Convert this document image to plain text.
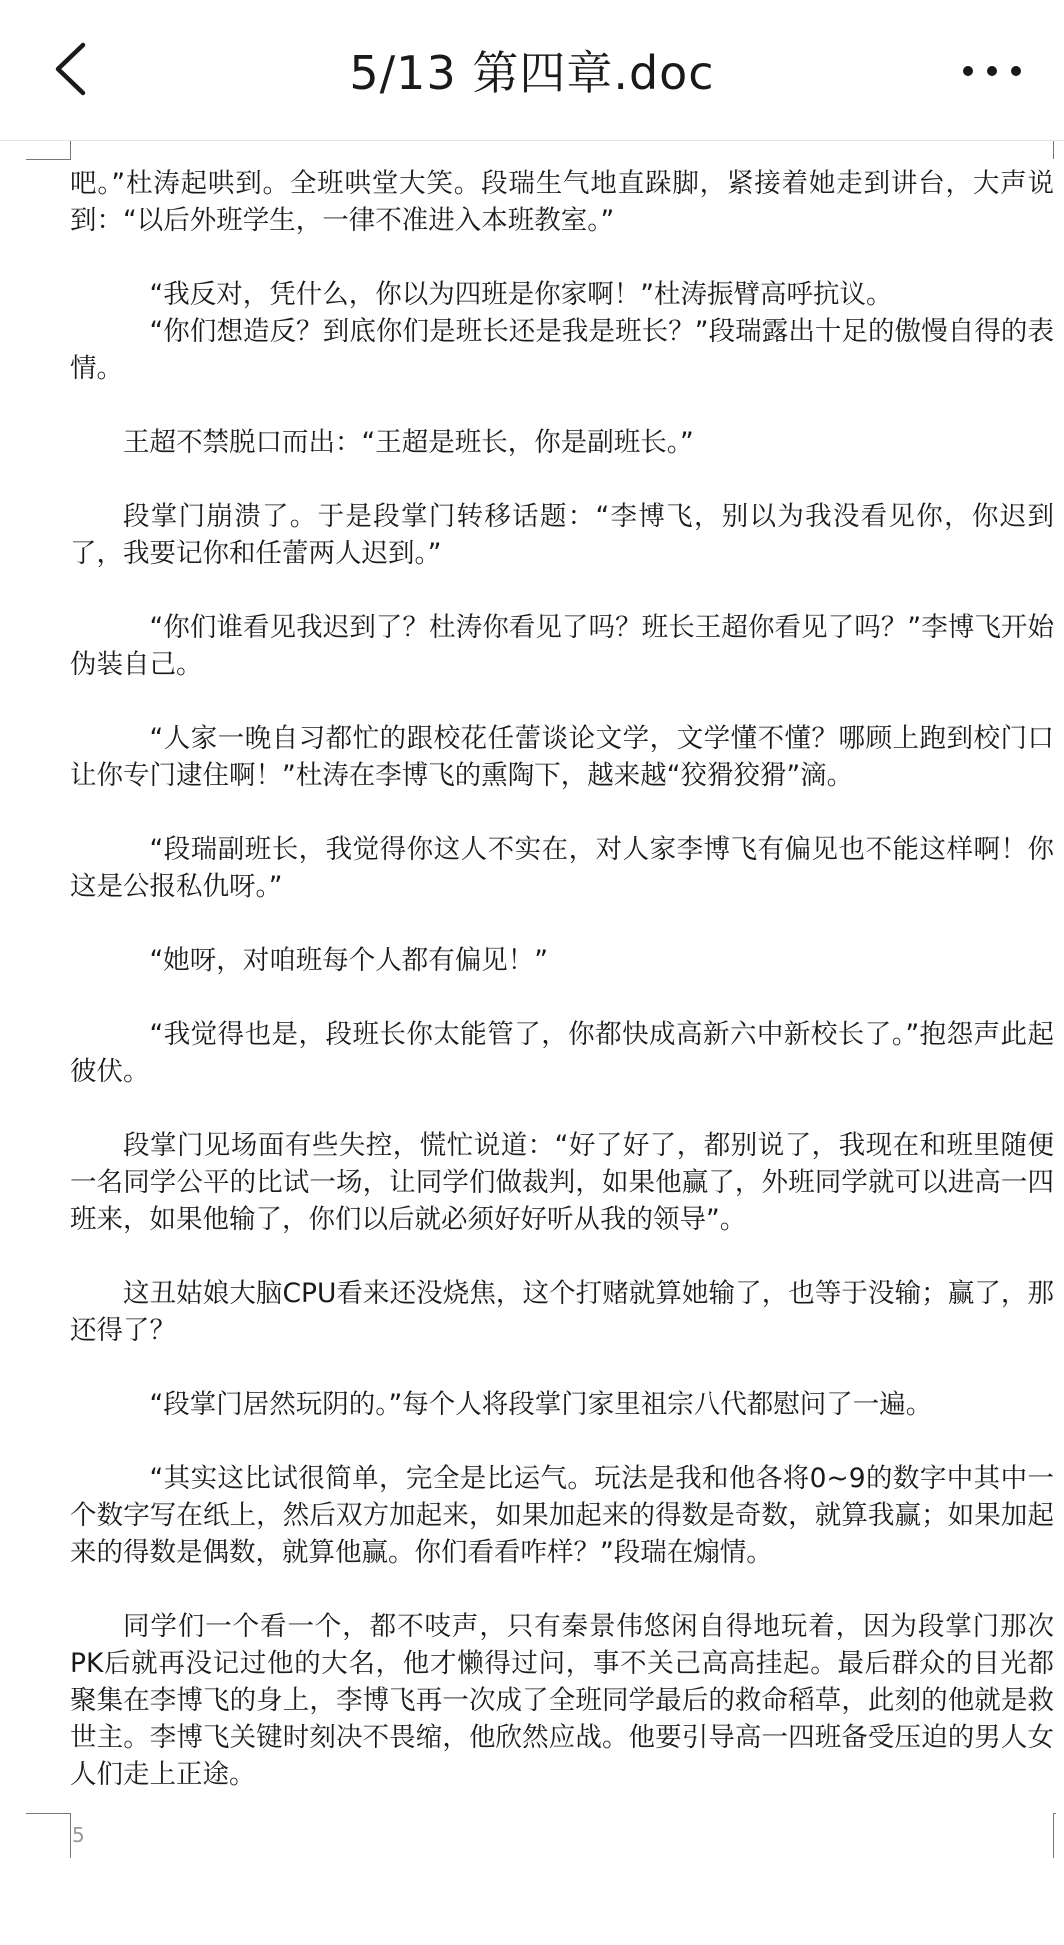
5/13 第四章.doc

吧。”杜涛起哄到。全班哄堂大笑。段瑞生气地直跺脚，紧接着她走到讲台，大声说到：“以后外班学生，一律不准进入本班教室。”

“我反对，凭什么，你以为四班是你家啊！”杜涛振臂高呼抗议。

“你们想造反？到底你们是班长还是我是班长？”段瑞露出十足的傲慢自得的表情。

王超不禁脱口而出：“王超是班长，你是副班长。”

段掌门崩溃了。于是段掌门转移话题：“李博飞，别以为我没看见你，你迟到了，我要记你和任蕾两人迟到。”

“你们谁看见我迟到了？杜涛你看见了吗？班长王超你看见了吗？”李博飞开始伪装自己。

“人家一晚自习都忙的跟校花任蕾谈论文学，文学懂不懂？哪顾上跑到校门口让你专门逮住啊！”杜涛在李博飞的熏陶下，越来越“狡猾狡猾”滴。

“段瑞副班长，我觉得你这人不实在，对人家李博飞有偏见也不能这样啊！你这是公报私仇呀。”

“她呀，对咱班每个人都有偏见！”

“我觉得也是，段班长你太能管了，你都快成高新六中新校长了。”抱怨声此起彼伏。

段掌门见场面有些失控，慌忙说道：“好了好了，都别说了，我现在和班里随便一名同学公平的比试一场，让同学们做裁判，如果他赢了，外班同学就可以进高一四班来，如果他输了，你们以后就必须好好听从我的领导”。

这丑姑娘大脑CPU看来还没烧焦，这个打赌就算她输了，也等于没输；赢了，那还得了？

“段掌门居然玩阴的。”每个人将段掌门家里祖宗八代都慰问了一遍。

“其实这比试很简单，完全是比运气。玩法是我和他各将0~9的数字中其中一个数字写在纸上，然后双方加起来，如果加起来的得数是奇数，就算我赢；如果加起来的得数是偶数，就算他赢。你们看看咋样？”段瑞在煽情。

同学们一个看一个，都不吱声，只有秦景伟悠闲自得地玩着，因为段掌门那次PK后就再没记过他的大名，他才懒得过问，事不关己高高挂起。最后群众的目光都聚集在李博飞的身上，李博飞再一次成了全班同学最后的救命稻草，此刻的他就是救世主。李博飞关键时刻决不畏缩，他欣然应战。他要引导高一四班备受压迫的男人女人们走上正途。

5
